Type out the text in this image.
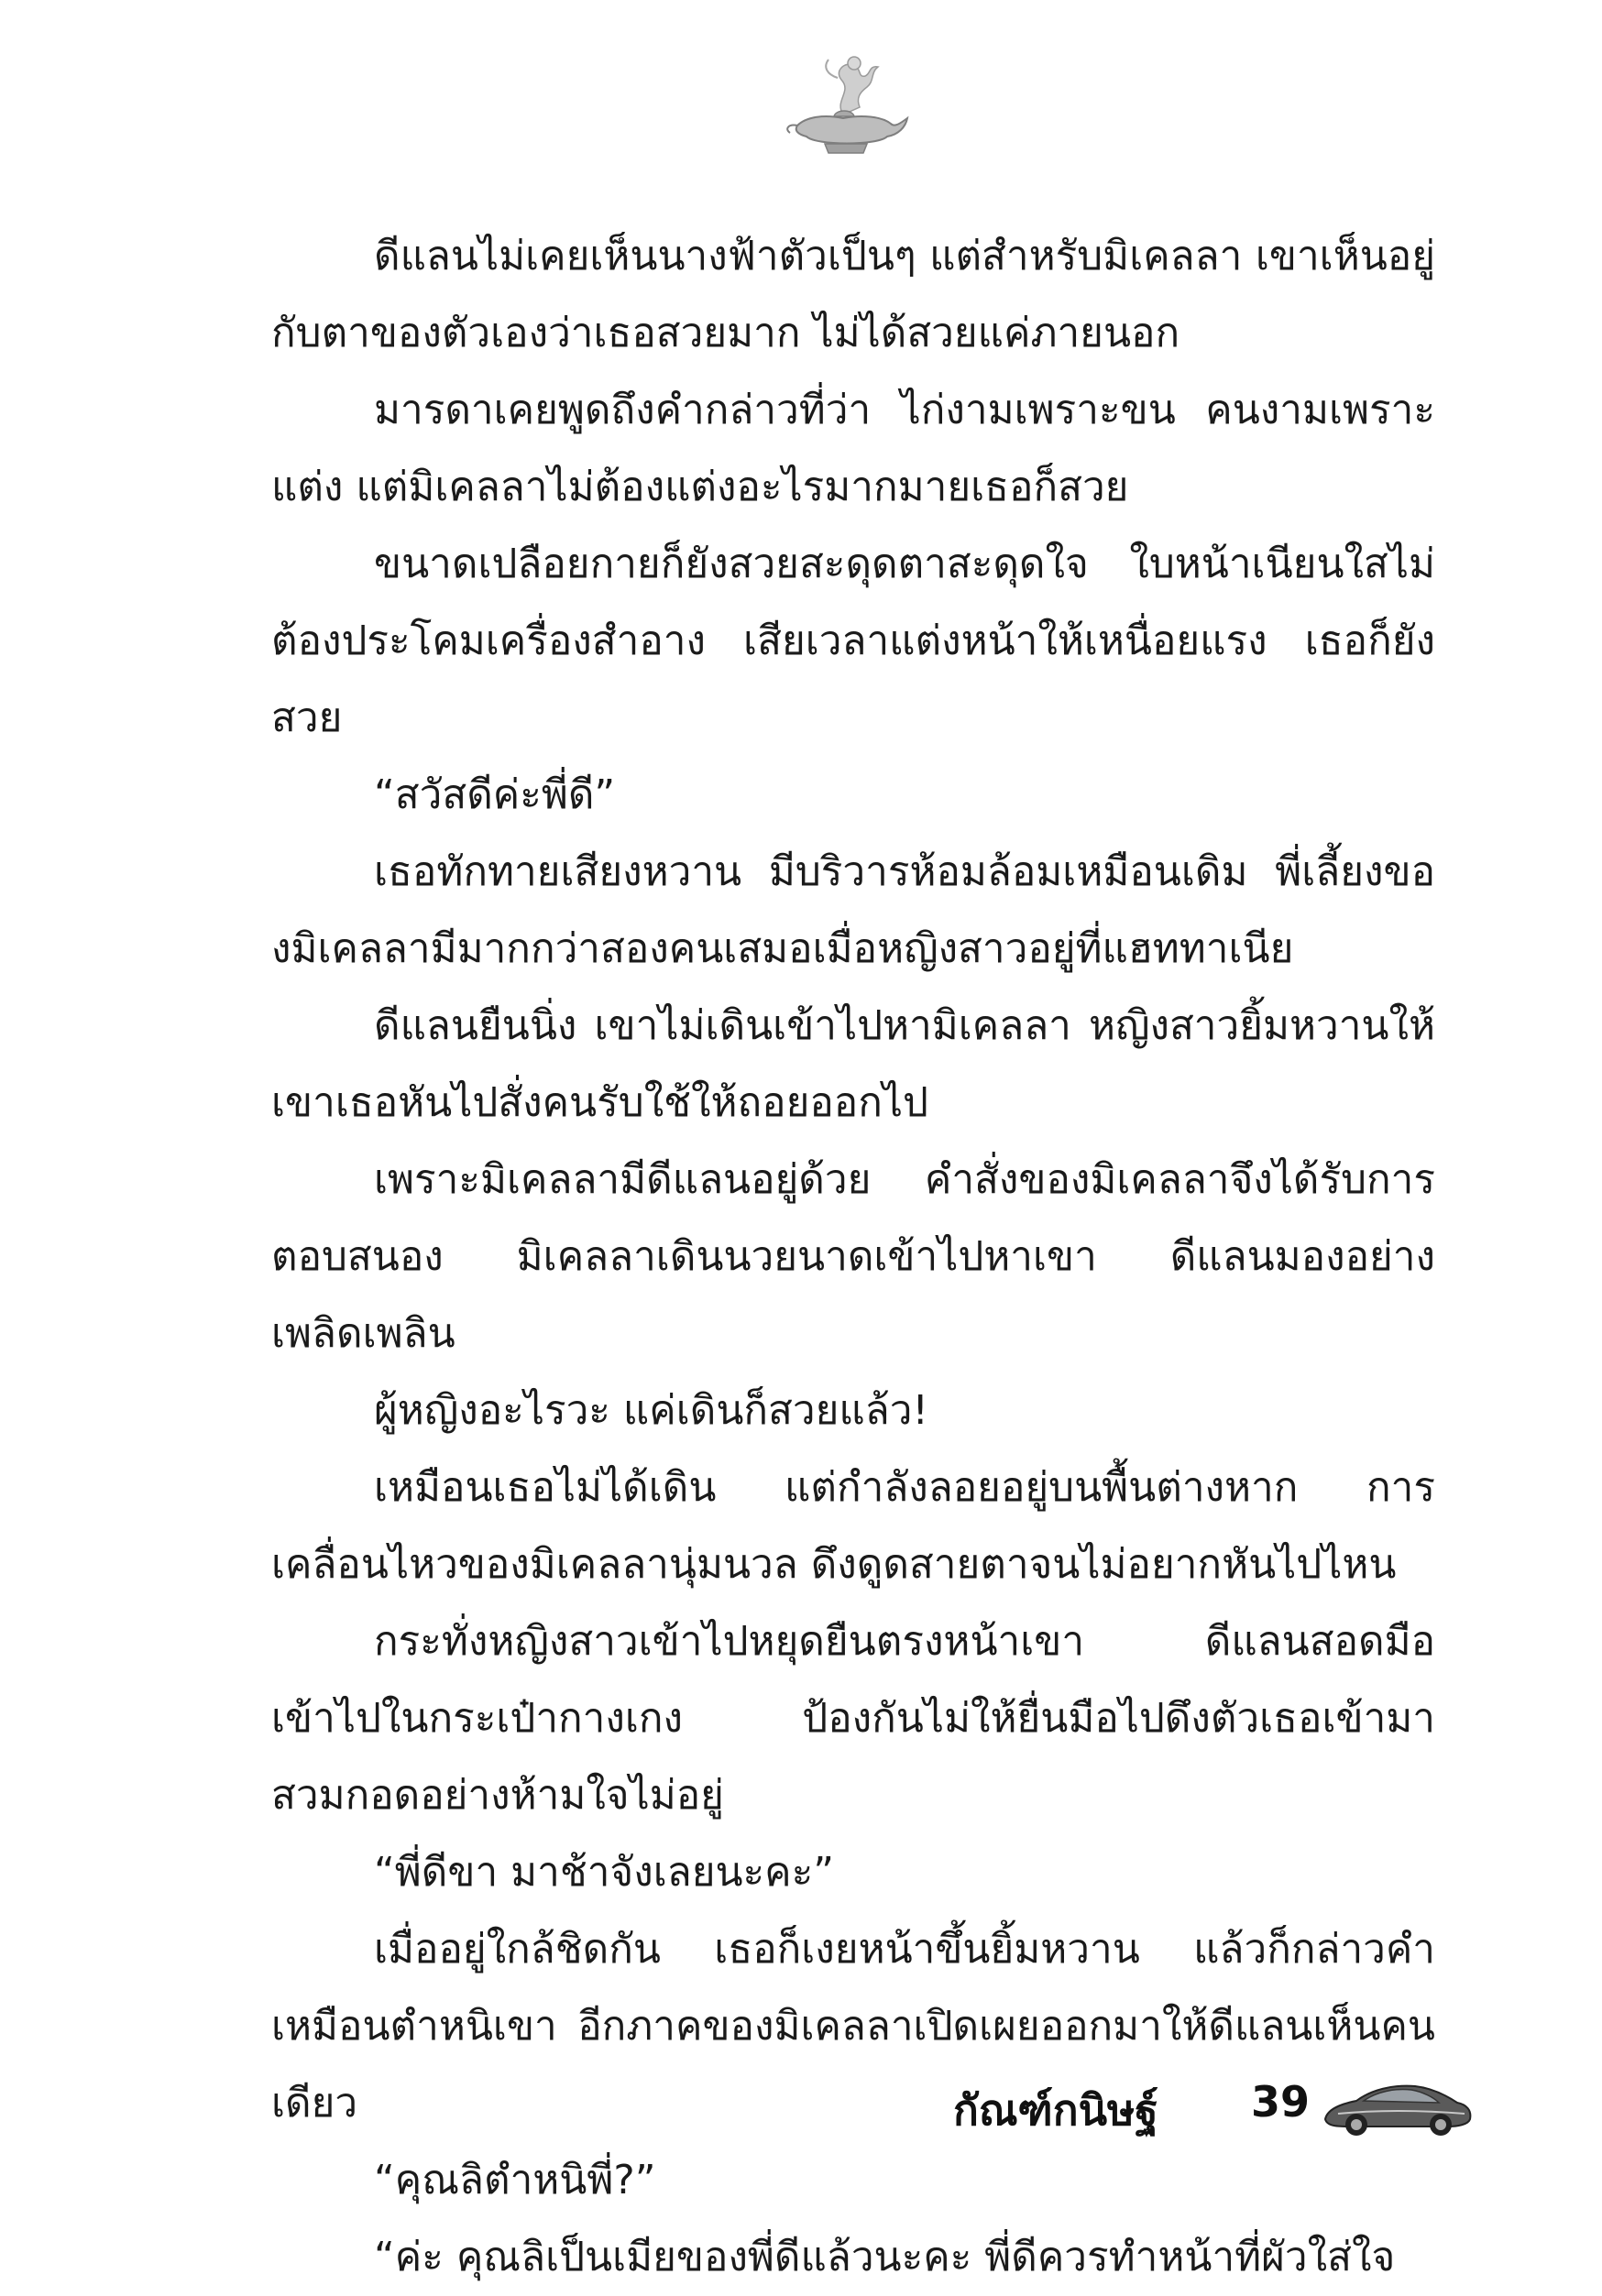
ดีแลนไม่เคยเห็นนางฟ้าตัวเป็นๆ แต่สำหรับมิเคลลา เขาเห็นอยู่กับตาของตัวเองว่าเธอสวยมาก ไม่ได้สวยแค่ภายนอก

มารดาเคยพูดถึงคำกล่าวที่ว่า ไก่งามเพราะขน คนงามเพราะแต่ง แต่มิเคลลาไม่ต้องแต่งอะไรมากมายเธอก็สวย

ขนาดเปลือยกายก็ยังสวยสะดุดตาสะดุดใจ ใบหน้าเนียนใสไม่ต้องประโคมเครื่องสำอาง เสียเวลาแต่งหน้าให้เหนื่อยแรง เธอก็ยังสวย

“สวัสดีค่ะพี่ดี”

เธอทักทายเสียงหวาน มีบริวารห้อมล้อมเหมือนเดิม พี่เลี้ยงของมิเคลลามีมากกว่าสองคนเสมอเมื่อหญิงสาวอยู่ที่แฮททาเนีย

ดีแลนยืนนิ่ง เขาไม่เดินเข้าไปหามิเคลลา หญิงสาวยิ้มหวานให้เขาเธอหันไปสั่งคนรับใช้ให้ถอยออกไป

เพราะมิเคลลามีดีแลนอยู่ด้วย คำสั่งของมิเคลลาจึงได้รับการตอบสนอง มิเคลลาเดินนวยนาดเข้าไปหาเขา ดีแลนมองอย่างเพลิดเพลิน

ผู้หญิงอะไรวะ แค่เดินก็สวยแล้ว!

เหมือนเธอไม่ได้เดิน แต่กำลังลอยอยู่บนพื้นต่างหาก การเคลื่อนไหวของมิเคลลานุ่มนวล ดึงดูดสายตาจนไม่อยากหันไปไหน

กระทั่งหญิงสาวเข้าไปหยุดยืนตรงหน้าเขา ดีแลนสอดมือเข้าไปในกระเป๋ากางเกง ป้องกันไม่ให้ยื่นมือไปดึงตัวเธอเข้ามาสวมกอดอย่างห้ามใจไม่อยู่

“พี่ดีขา มาช้าจังเลยนะคะ”

เมื่ออยู่ใกล้ชิดกัน เธอก็เงยหน้าขึ้นยิ้มหวาน แล้วก็กล่าวคำเหมือนตำหนิเขา อีกภาคของมิเคลลาเปิดเผยออกมาให้ดีแลนเห็นคนเดียว

“คุณลิตำหนิพี่?”

“ค่ะ คุณลิเป็นเมียของพี่ดีแล้วนะคะ พี่ดีควรทำหน้าที่ผัวใส่ใจ

กัณฑ์กนิษฐ์ 39
